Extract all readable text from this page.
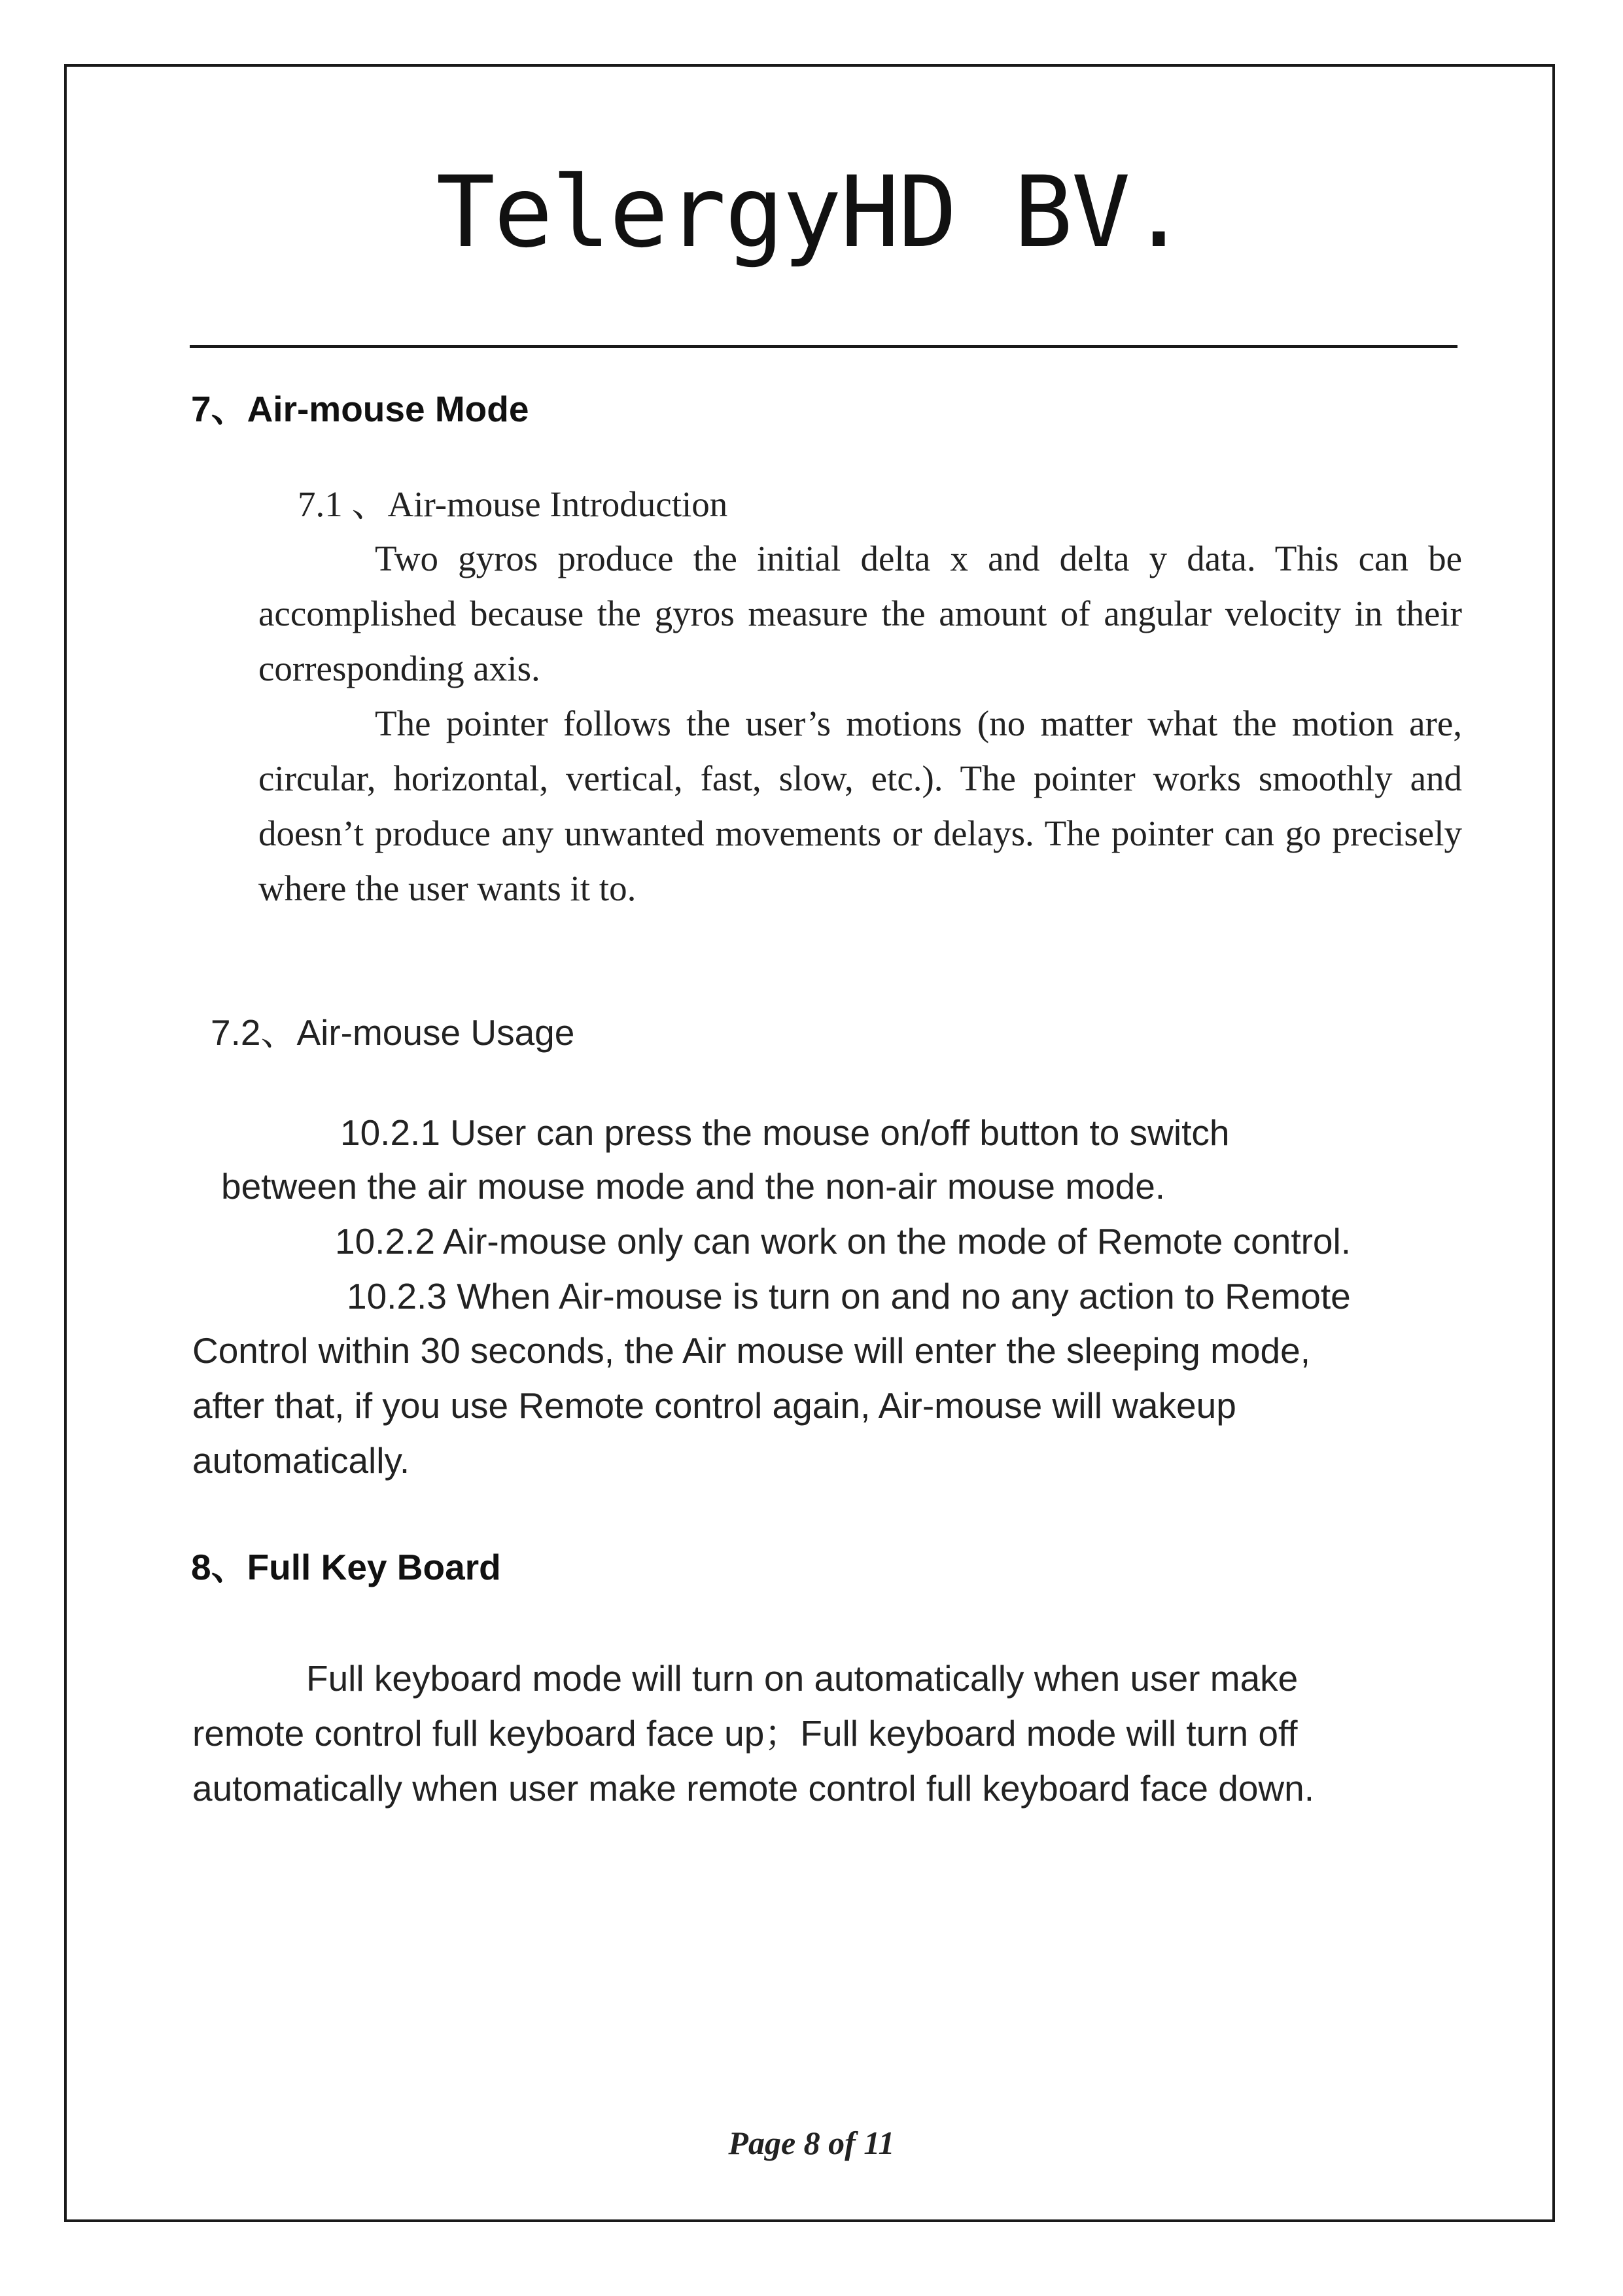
TelergyHD BV.
7、Air-mouse Mode
7.1 、Air-mouse Introduction
Two gyros produce the initial delta x and delta y data. This can be accomplished because the gyros measure the amount of angular velocity in their corresponding axis.
The pointer follows the user’s motions (no matter what the motion are, circular, horizontal, vertical, fast, slow, etc.). The pointer works smoothly and doesn’t produce any unwanted movements or delays. The pointer can go precisely where the user wants it to.
7.2、Air-mouse Usage
10.2.1 User can press the mouse on/off button to switch
between the air mouse mode and the non-air mouse mode.
10.2.2 Air-mouse only can work on the mode of Remote control.
10.2.3 When Air-mouse is turn on and no any action to Remote
Control within 30 seconds, the Air mouse will enter the sleeping mode,
after that, if you use Remote control again, Air-mouse will wakeup
automatically.
8、Full Key Board
Full keyboard mode will turn on automatically when user make
remote control full keyboard face up；Full keyboard mode will turn off
automatically when user make remote control full keyboard face down.
Page 8 of 11
